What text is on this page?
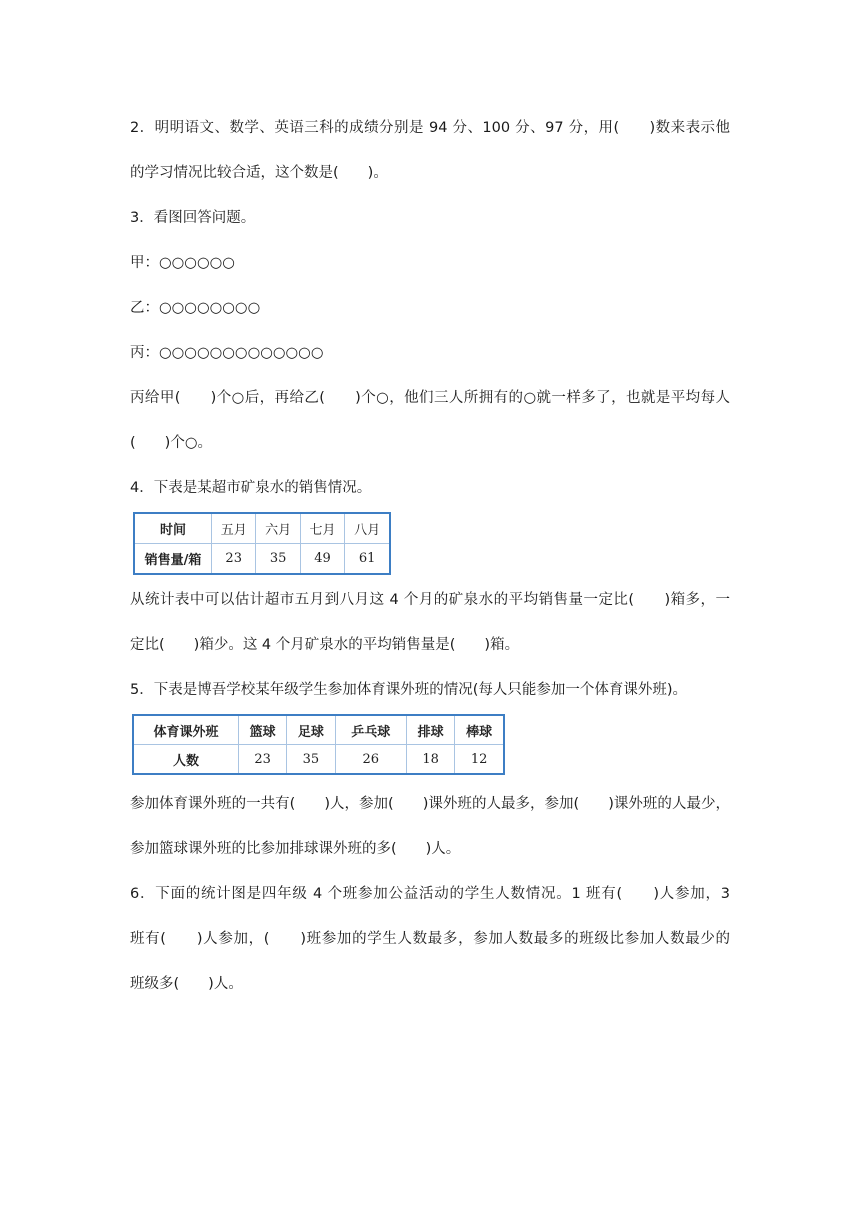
2．明明语文、数学、英语三科的成绩分别是 94 分、100 分、97 分，用(　　)数来表示他
的学习情况比较合适，这个数是(　　)。
3．看图回答问题。
甲：○○○○○○
乙：○○○○○○○○
丙：○○○○○○○○○○○○○
丙给甲(　　)个○后，再给乙(　　)个○，他们三人所拥有的○就一样多了，也就是平均每人
(　　)个○。
4．下表是某超市矿泉水的销售情况。
时间	五月	六月	七月	八月
销售量/箱	23	35	49	61
从统计表中可以估计超市五月到八月这 4 个月的矿泉水的平均销售量一定比(　　)箱多，一
定比(　　)箱少。这 4 个月矿泉水的平均销售量是(　　)箱。
5．下表是博吾学校某年级学生参加体育课外班的情况(每人只能参加一个体育课外班)。
体育课外班	篮球	足球	乒乓球	排球	棒球
人数	23	35	26	18	12
参加体育课外班的一共有(　　)人，参加(　　)课外班的人最多，参加(　　)课外班的人最少，
参加篮球课外班的比参加排球课外班的多(　　)人。
6．下面的统计图是四年级 4 个班参加公益活动的学生人数情况。1 班有(　　)人参加，3
班有(　　)人参加，(　　)班参加的学生人数最多，参加人数最多的班级比参加人数最少的
班级多(　　)人。
